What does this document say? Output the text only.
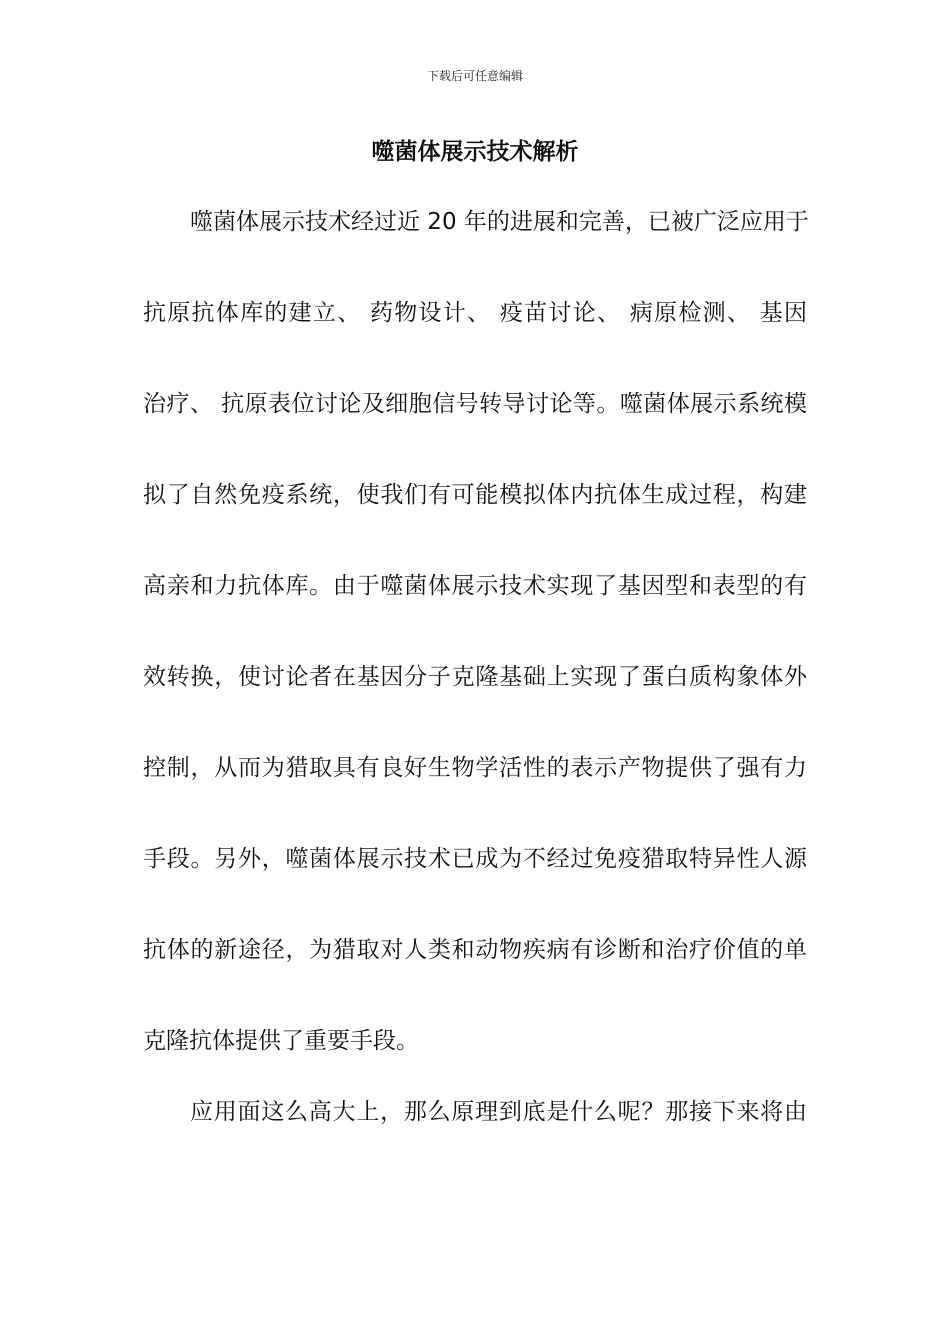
下载后可任意编辑
噬菌体展示技术解析
噬菌体展示技术经过近 20 年的进展和完善，已被广泛应用于
抗原抗体库的建立、 药物设计、 疫苗讨论、 病原检测、 基因
治疗、 抗原表位讨论及细胞信号转导讨论等。噬菌体展示系统模
拟了自然免疫系统，使我们有可能模拟体内抗体生成过程，构建
高亲和力抗体库。由于噬菌体展示技术实现了基因型和表型的有
效转换，使讨论者在基因分子克隆基础上实现了蛋白质构象体外
控制，从而为猎取具有良好生物学活性的表示产物提供了强有力
手段。另外，噬菌体展示技术已成为不经过免疫猎取特异性人源
抗体的新途径，为猎取对人类和动物疾病有诊断和治疗价值的单
克隆抗体提供了重要手段。
应用面这么高大上，那么原理到底是什么呢？那接下来将由
